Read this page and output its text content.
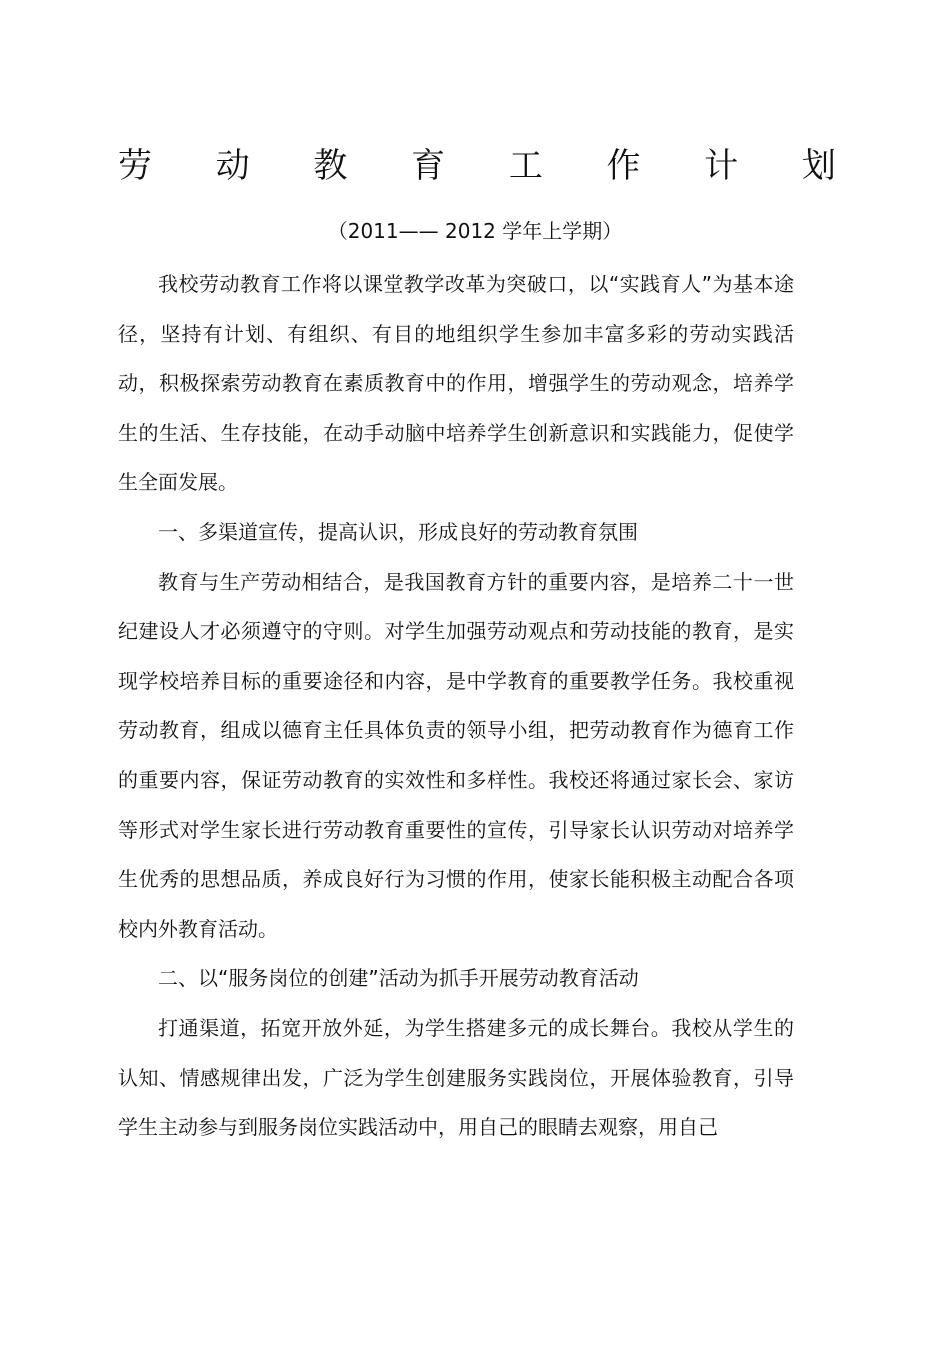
劳 动 教 育 工 作 计 划
（2011—— 2012 学年上学期）

我校劳动教育工作将以课堂教学改革为突破口，以“实践育人”为基本途径，坚持有计划、有组织、有目的地组织学生参加丰富多彩的劳动实践活动，积极探索劳动教育在素质教育中的作用，增强学生的劳动观念，培养学生的生活、生存技能，在动手动脑中培养学生创新意识和实践能力，促使学生全面发展。

一、多渠道宣传，提高认识，形成良好的劳动教育氛围

教育与生产劳动相结合，是我国教育方针的重要内容，是培养二十一世纪建设人才必须遵守的守则。对学生加强劳动观点和劳动技能的教育，是实现学校培养目标的重要途径和内容，是中学教育的重要教学任务。我校重视劳动教育，组成以德育主任具体负责的领导小组，把劳动教育作为德育工作的重要内容，保证劳动教育的实效性和多样性。我校还将通过家长会、家访等形式对学生家长进行劳动教育重要性的宣传，引导家长认识劳动对培养学生优秀的思想品质，养成良好行为习惯的作用，使家长能积极主动配合各项校内外教育活动。

二、以“服务岗位的创建”活动为抓手开展劳动教育活动

打通渠道，拓宽开放外延，为学生搭建多元的成长舞台。我校从学生的认知、情感规律出发，广泛为学生创建服务实践岗位，开展体验教育，引导学生主动参与到服务岗位实践活动中，用自己的眼睛去观察，用自己
